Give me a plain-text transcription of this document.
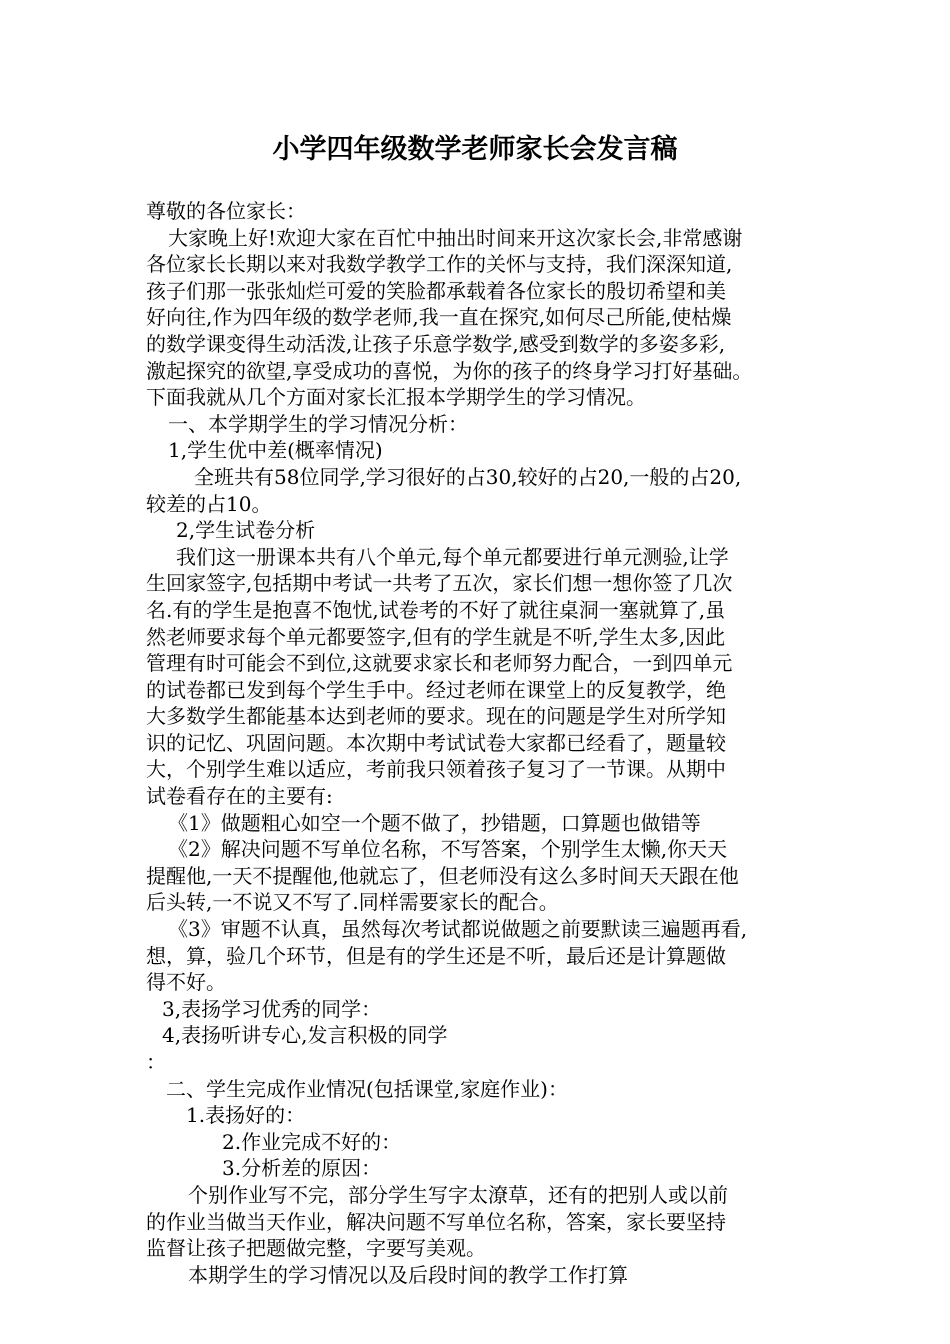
小学四年级数学老师家长会发言稿
尊敬的各位家长：
大家晚上好!欢迎大家在百忙中抽出时间来开这次家长会,非常感谢
各位家长长期以来对我数学教学工作的关怀与支持，我们深深知道,
孩子们那一张张灿烂可爱的笑脸都承载着各位家长的殷切希望和美
好向往,作为四年级的数学老师,我一直在探究,如何尽己所能,使枯燥
的数学课变得生动活泼,让孩子乐意学数学,感受到数学的多姿多彩,
激起探究的欲望,享受成功的喜悦，为你的孩子的终身学习打好基础。
下面我就从几个方面对家长汇报本学期学生的学习情况。
一、本学期学生的学习情况分析：
1,学生优中差(概率情况)
全班共有58位同学,学习很好的占30,较好的占20,一般的占20,
较差的占10。
2,学生试卷分析
我们这一册课本共有八个单元,每个单元都要进行单元测验,让学
生回家签字,包括期中考试一共考了五次，家长们想一想你签了几次
名.有的学生是抱喜不饱忧,试卷考的不好了就往桌洞一塞就算了,虽
然老师要求每个单元都要签字,但有的学生就是不听,学生太多,因此
管理有时可能会不到位,这就要求家长和老师努力配合，一到四单元
的试卷都已发到每个学生手中。经过老师在课堂上的反复教学，绝
大多数学生都能基本达到老师的要求。现在的问题是学生对所学知
识的记忆、巩固问题。本次期中考试试卷大家都已经看了，题量较
大，个别学生难以适应，考前我只领着孩子复习了一节课。从期中
试卷看存在的主要有:
《1》做题粗心如空一个题不做了，抄错题，口算题也做错等
《2》解决问题不写单位名称，不写答案，个别学生太懒,你天天
提醒他,一天不提醒他,他就忘了，但老师没有这么多时间天天跟在他
后头转,一不说又不写了.同样需要家长的配合。
《3》审题不认真，虽然每次考试都说做题之前要默读三遍题再看,
想，算，验几个环节，但是有的学生还是不听，最后还是计算题做
得不好。
3,表扬学习优秀的同学：
4,表扬听讲专心,发言积极的同学
：
二、学生完成作业情况(包括课堂,家庭作业)：
1.表扬好的：
2.作业完成不好的：
3.分析差的原因：
个别作业写不完，部分学生写字太潦草，还有的把别人或以前
的作业当做当天作业，解决问题不写单位名称，答案，家长要坚持
监督让孩子把题做完整，字要写美观。
本期学生的学习情况以及后段时间的教学工作打算
